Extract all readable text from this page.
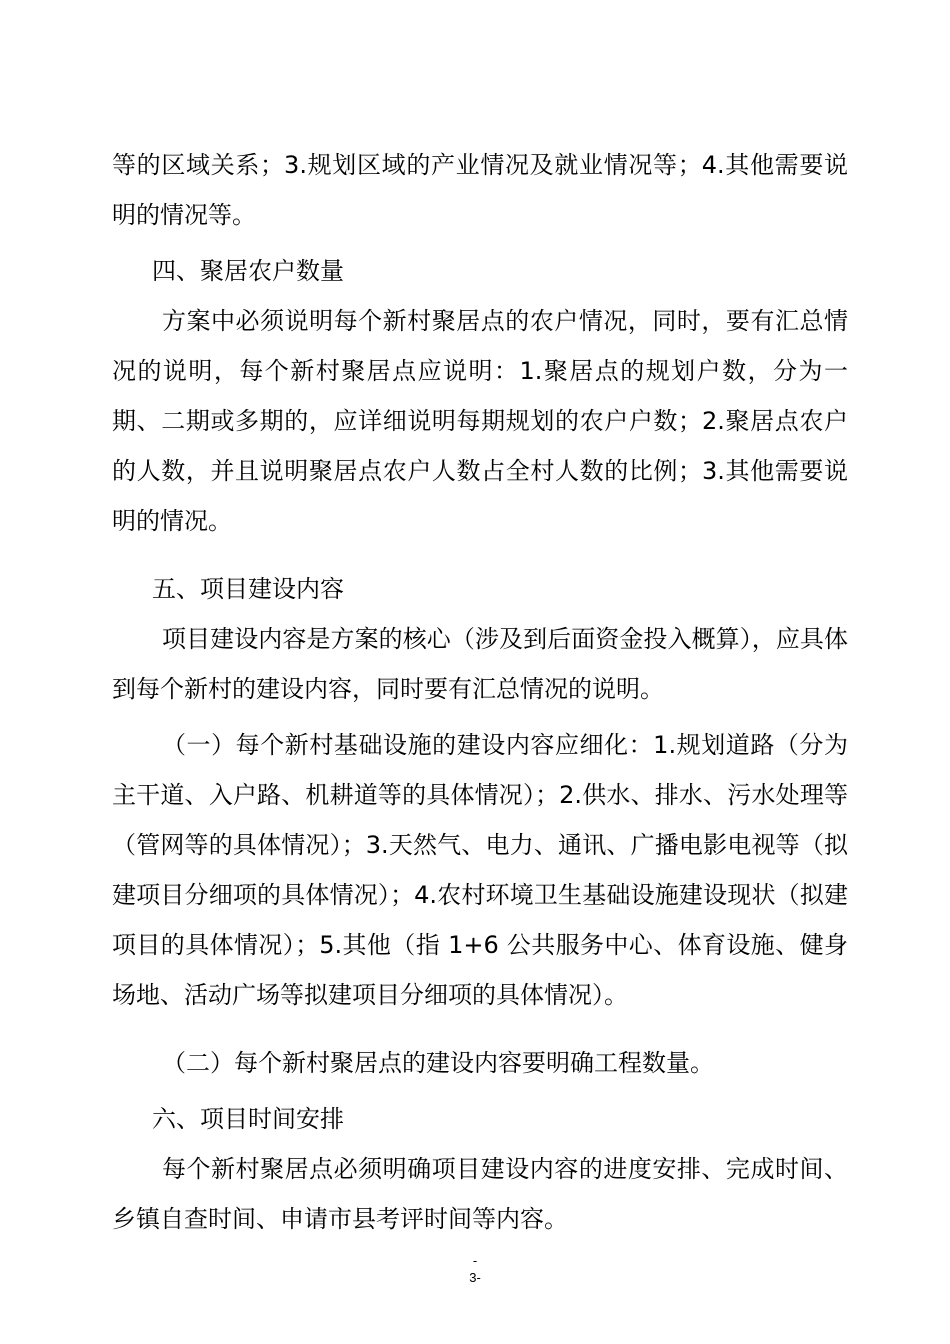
等的区域关系；3.规划区域的产业情况及就业情况等；4.其他需要说明的情况等。

四、聚居农户数量

方案中必须说明每个新村聚居点的农户情况，同时，要有汇总情况的说明，每个新村聚居点应说明：1.聚居点的规划户数，分为一期、二期或多期的，应详细说明每期规划的农户户数；2.聚居点农户的人数，并且说明聚居点农户人数占全村人数的比例；3.其他需要说明的情况。

五、项目建设内容

项目建设内容是方案的核心（涉及到后面资金投入概算），应具体到每个新村的建设内容，同时要有汇总情况的说明。

（一）每个新村基础设施的建设内容应细化：1.规划道路（分为主干道、入户路、机耕道等的具体情况）；2.供水、排水、污水处理等（管网等的具体情况）；3.天然气、电力、通讯、广播电影电视等（拟建项目分细项的具体情况）；4.农村环境卫生基础设施建设现状（拟建项目的具体情况）；5.其他（指 1+6 公共服务中心、体育设施、健身场地、活动广场等拟建项目分细项的具体情况）。

（二）每个新村聚居点的建设内容要明确工程数量。

六、项目时间安排

每个新村聚居点必须明确项目建设内容的进度安排、完成时间、乡镇自查时间、申请市县考评时间等内容。

-
3-
